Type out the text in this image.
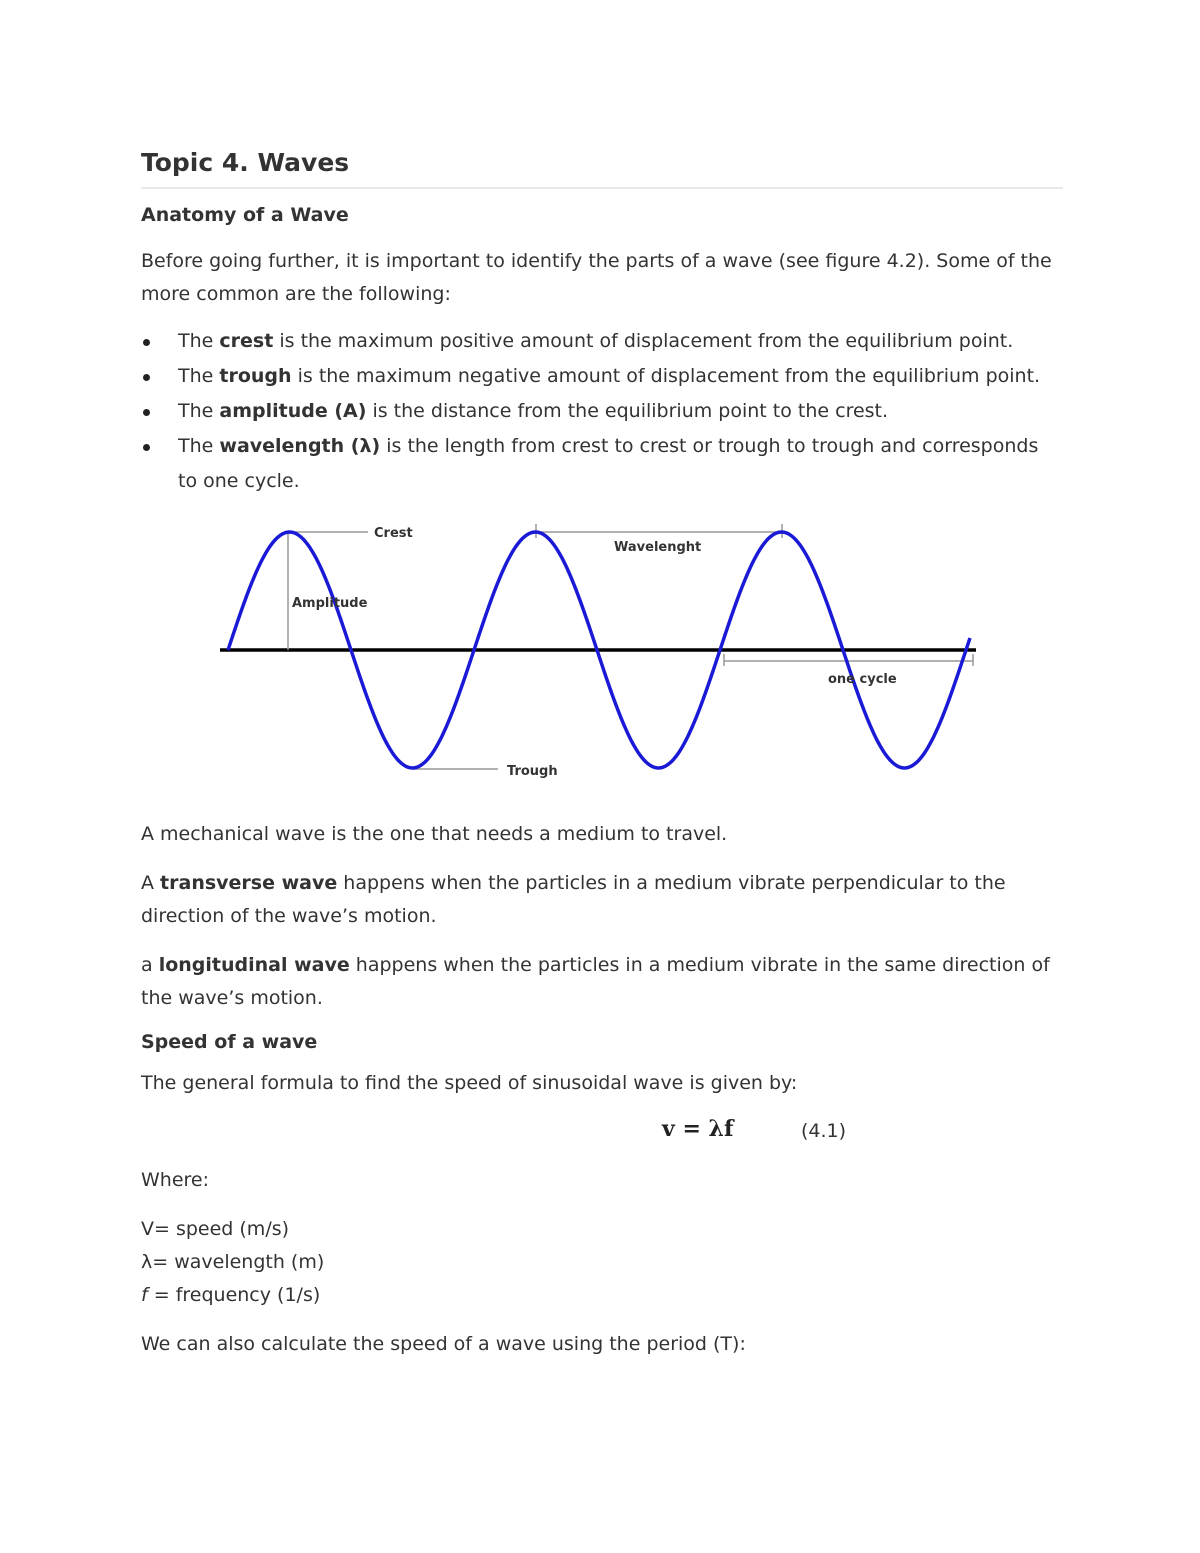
Topic 4. Waves
Anatomy of a Wave

Before going further, it is important to identify the parts of a wave (see figure 4.2). Some of the more common are the following:

The crest is the maximum positive amount of displacement from the equilibrium point.
The trough is the maximum negative amount of displacement from the equilibrium point.
The amplitude (A) is the distance from the equilibrium point to the crest.
The wavelength (λ) is the length from crest to crest or trough to trough and corresponds to one cycle.
Crest
Wavelenght
Amplitude
one cycle
Trough

A mechanical wave is the one that needs a medium to travel.

A transverse wave happens when the particles in a medium vibrate perpendicular to the direction of the wave’s motion.

a longitudinal wave happens when the particles in a medium vibrate in the same direction of the wave’s motion.

Speed of a wave

The general formula to find the speed of sinusoidal wave is given by:

v = λf	(4.1)

Where:

V= speed (m/s)

λ= wavelength (m)

f = frequency (1/s)

We can also calculate the speed of a wave using the period (T):
